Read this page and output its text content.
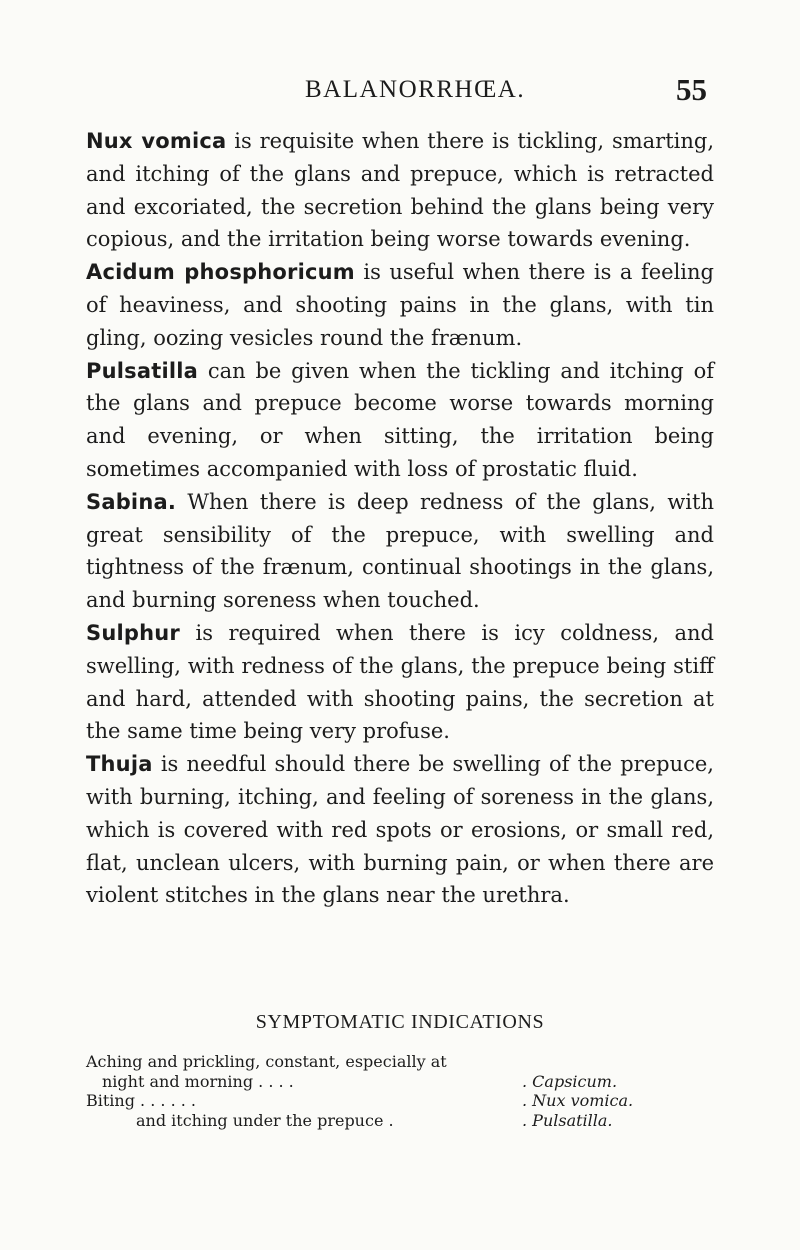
BALANORRHŒA.	55

Nux vomica is requisite when there is tickling, smarting, and itching of the glans and prepuce, which is retracted and excoriated, the secretion behind the glans being very copious, and the irritation being worse towards evening.

Acidum phosphoricum is useful when there is a feeling of heaviness, and shooting pains in the glans, with tin gling, oozing vesicles round the frænum.

Pulsatilla can be given when the tickling and itching of the glans and prepuce become worse towards morning and evening, or when sitting, the irritation being sometimes accompanied with loss of prostatic fluid.

Sabina. When there is deep redness of the glans, with great sensibility of the prepuce, with swelling and tightness of the frænum, continual shootings in the glans, and burning soreness when touched.

Sulphur is required when there is icy coldness, and swelling, with redness of the glans, the prepuce being stiff and hard, attended with shooting pains, the secretion at the same time being very profuse.

Thuja is needful should there be swelling of the prepuce, with burning, itching, and feeling of soreness in the glans, which is covered with red spots or erosions, or small red, flat, unclean ulcers, with burning pain, or when there are violent stitches in the glans near the urethra.

SYMPTOMATIC INDICATIONS
Aching and prickling, constant, especially at
night and morning . . . .	. Capsicum.
Biting . . . . . .	. Nux vomica.
and itching under the prepuce .	. Pulsatilla.
